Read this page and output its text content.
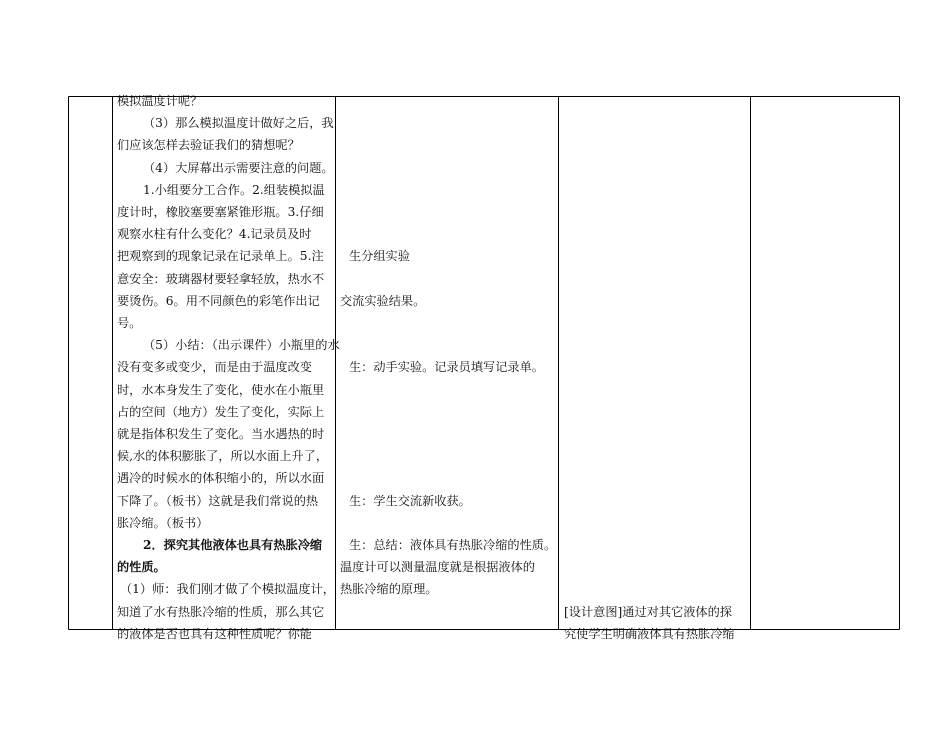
模拟温度计呢？
（3）那么模拟温度计做好之后，我
们应该怎样去验证我们的猜想呢？
（4）大屏幕出示需要注意的问题。
1.小组要分工合作。2.组装模拟温
度计时，橡胶塞要塞紧锥形瓶。3.仔细
观察水柱有什么变化？4.记录员及时
把观察到的现象记录在记录单上。5.注
意安全：玻璃器材要轻拿轻放，热水不
要烫伤。6。用不同颜色的彩笔作出记
号。
（5）小结：（出示课件）小瓶里的水
没有变多或变少，而是由于温度改变
时，水本身发生了变化，使水在小瓶里
占的空间（地方）发生了变化，实际上
就是指体积发生了变化。当水遇热的时
候,水的体积膨胀了，所以水面上升了，
遇冷的时候水的体积缩小的，所以水面
下降了。（板书）这就是我们常说的热
胀冷缩。（板书）
2．探究其他液体也具有热胀冷缩
的性质。
（1）师：我们刚才做了个模拟温度计，
知道了水有热胀冷缩的性质，那么其它
的液体是否也具有这种性质呢？你能

生分组实验

交流实验结果。

生：动手实验。记录员填写记录单。

生：学生交流新收获。

生：总结：液体具有热胀冷缩的性质。
温度计可以测量温度就是根据液体的
热胀冷缩的原理。

[设计意图]通过对其它液体的探
究使学生明确液体具有热胀冷缩
